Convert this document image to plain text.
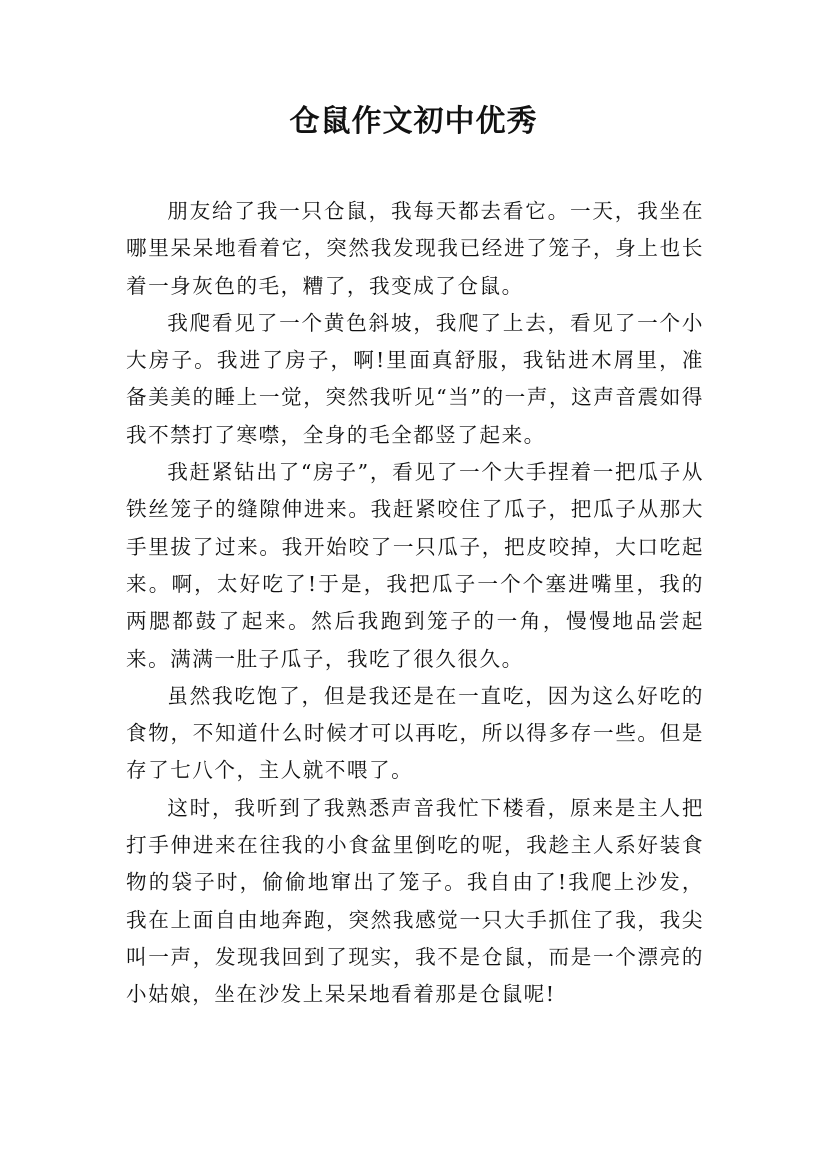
仓鼠作文初中优秀

朋友给了我一只仓鼠，我每天都去看它。一天，我坐在哪里呆呆地看着它，突然我发现我已经进了笼子，身上也长着一身灰色的毛，糟了，我变成了仓鼠。

我爬看见了一个黄色斜坡，我爬了上去，看见了一个小大房子。我进了房子，啊!里面真舒服，我钻进木屑里，准备美美的睡上一觉，突然我听见“当”的一声，这声音震如得我不禁打了寒噤，全身的毛全都竖了起来。

我赶紧钻出了“房子”，看见了一个大手捏着一把瓜子从铁丝笼子的缝隙伸进来。我赶紧咬住了瓜子，把瓜子从那大手里拔了过来。我开始咬了一只瓜子，把皮咬掉，大口吃起来。啊，太好吃了!于是，我把瓜子一个个塞进嘴里，我的两腮都鼓了起来。然后我跑到笼子的一角，慢慢地品尝起来。满满一肚子瓜子，我吃了很久很久。

虽然我吃饱了，但是我还是在一直吃，因为这么好吃的食物，不知道什么时候才可以再吃，所以得多存一些。但是存了七八个，主人就不喂了。

这时，我听到了我熟悉声音我忙下楼看，原来是主人把打手伸进来在往我的小食盆里倒吃的呢，我趁主人系好装食物的袋子时，偷偷地窜出了笼子。我自由了!我爬上沙发，我在上面自由地奔跑，突然我感觉一只大手抓住了我，我尖叫一声，发现我回到了现实，我不是仓鼠，而是一个漂亮的小姑娘，坐在沙发上呆呆地看着那是仓鼠呢!
